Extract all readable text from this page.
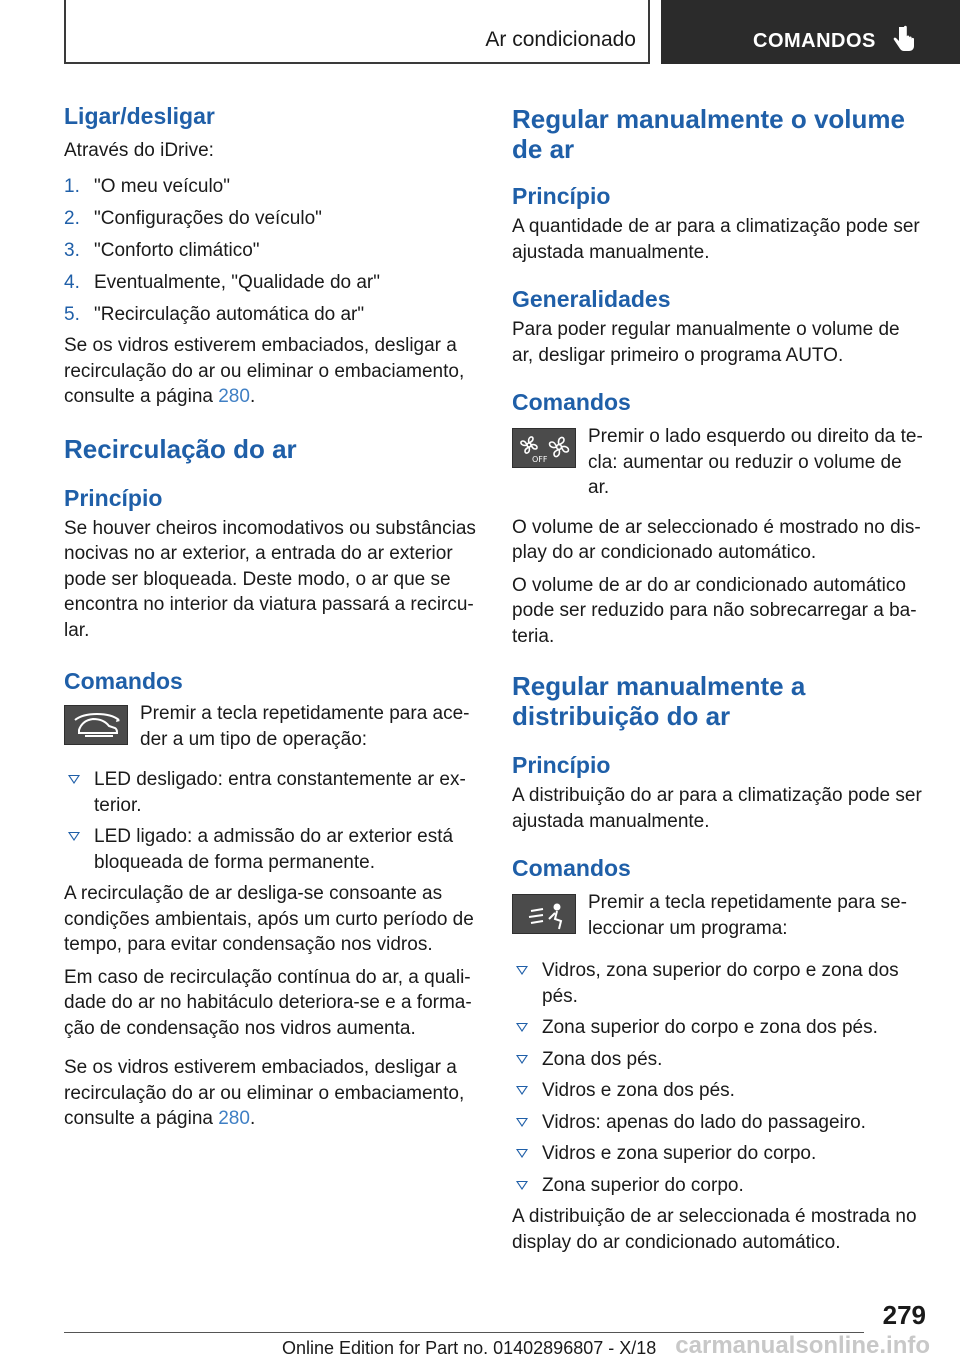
Ar condicionado	COMANDOS
Ligar/desligar

Através do iDrive:

1. "O meu veículo"
2. "Configurações do veículo"
3. "Conforto climático"
4. Eventualmente, "Qualidade do ar"
5. "Recirculação automática do ar"

Se os vidros estiverem embaciados, desligar a recirculação do ar ou eliminar o embaciamento, consulte a página 280.

Recirculação do ar
Princípio

Se houver cheiros incomodativos ou substâncias nocivas no ar exterior, a entrada do ar exterior pode ser bloqueada. Deste modo, o ar que se encontra no interior da viatura passará a recircu‐lar.

Comandos
Premir a tecla repetidamente para ace‐der a um tipo de operação:
LED desligado: entra constantemente ar ex‐terior.
LED ligado: a admissão do ar exterior está bloqueada de forma permanente.

A recirculação de ar desliga-se consoante as condições ambientais, após um curto período de tempo, para evitar condensação nos vidros.

Em caso de recirculação contínua do ar, a quali‐dade do ar no habitáculo deteriora-se e a forma‐ção de condensação nos vidros aumenta.

Se os vidros estiverem embaciados, desligar a recirculação do ar ou eliminar o embaciamento, consulte a página 280.

Regular manualmente o volume de ar
Princípio

A quantidade de ar para a climatização pode ser ajustada manualmente.

Generalidades

Para poder regular manualmente o volume de ar, desligar primeiro o programa AUTO.

Comandos
OFF
Premir o lado esquerdo ou direito da te‐cla: aumentar ou reduzir o volume de ar.

O volume de ar seleccionado é mostrado no dis‐play do ar condicionado automático.

O volume de ar do ar condicionado automático pode ser reduzido para não sobrecarregar a ba‐teria.

Regular manualmente a distribuição do ar
Princípio

A distribuição do ar para a climatização pode ser ajustada manualmente.

Comandos
Premir a tecla repetidamente para se‐leccionar um programa:
Vidros, zona superior do corpo e zona dos pés.
Zona superior do corpo e zona dos pés.
Zona dos pés.
Vidros e zona dos pés.
Vidros: apenas do lado do passageiro.
Vidros e zona superior do corpo.
Zona superior do corpo.

A distribuição de ar seleccionada é mostrada no display do ar condicionado automático.

279
Online Edition for Part no. 01402896807 - X/18 carmanualsonline.info
